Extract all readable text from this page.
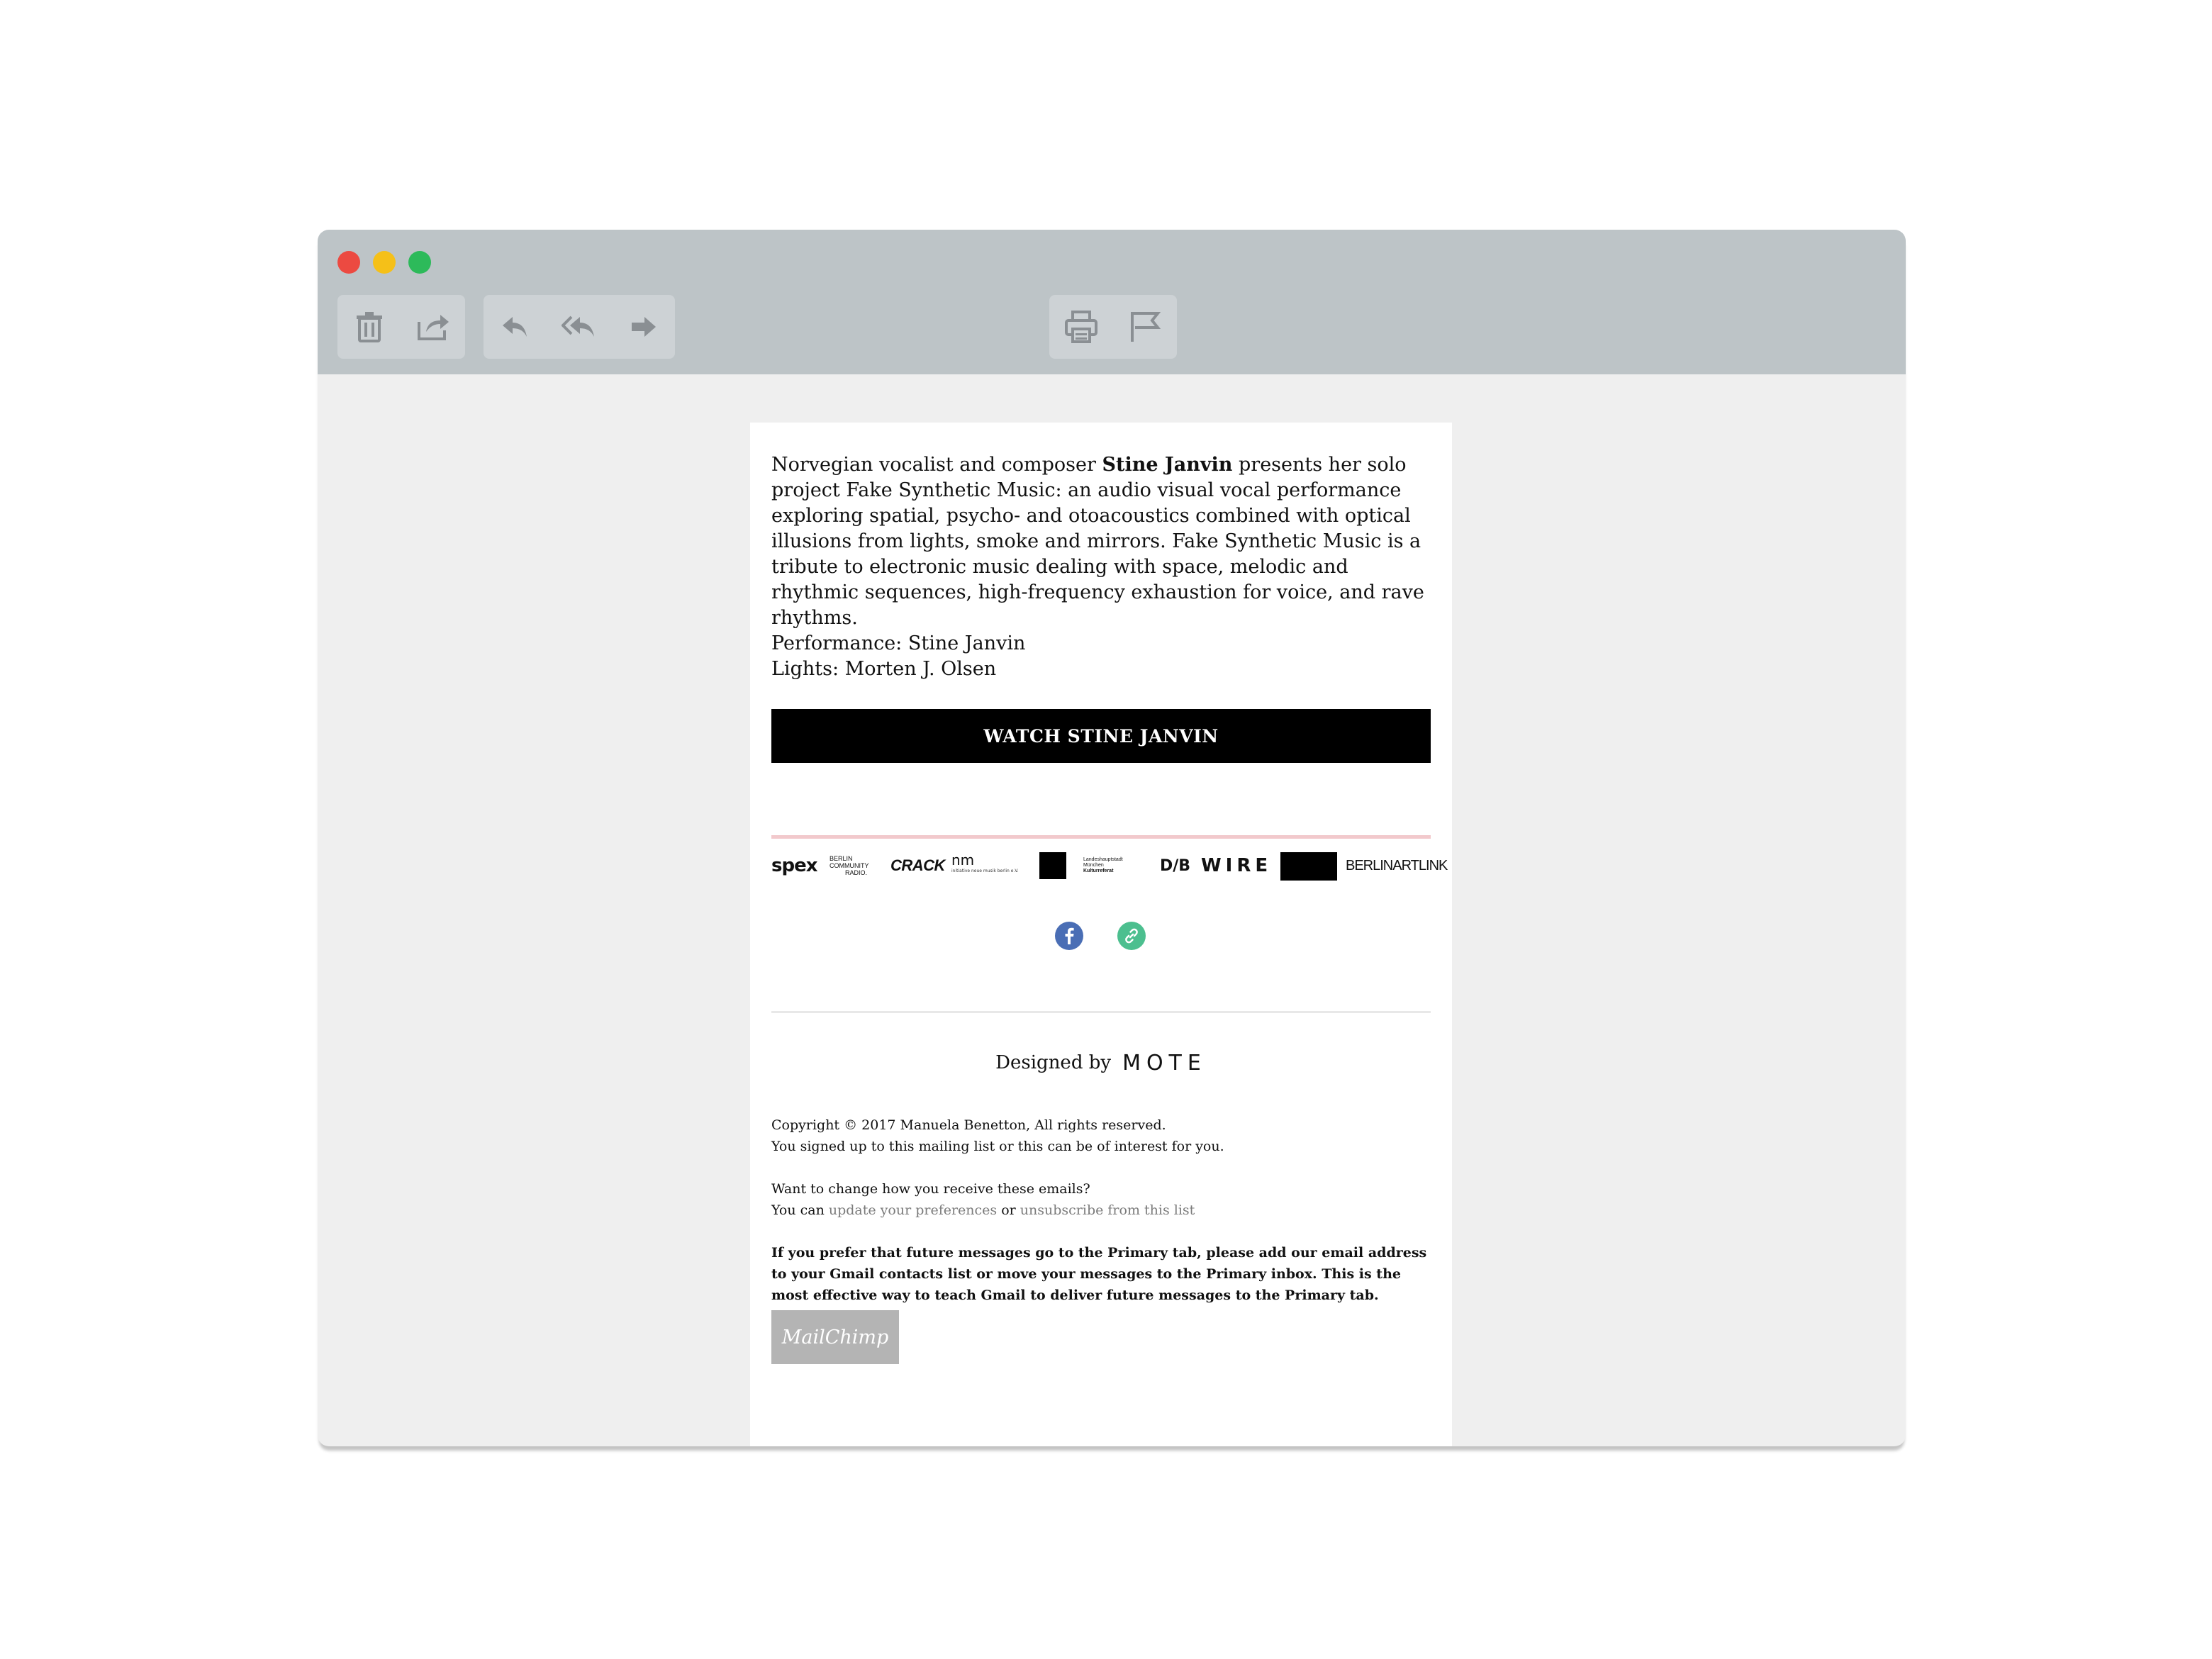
Norvegian vocalist and composer Stine Janvin presents her solo project Fake Synthetic Music: an audio visual vocal performance exploring spatial, psycho- and otoacoustics combined with optical illusions from lights, smoke and mirrors. Fake Synthetic Music is a tribute to electronic music dealing with space, melodic and rhythmic sequences, high-frequency exhaustion for voice, and rave rhythms.

Performance: Stine Janvin
Lights: Morten J. Olsen
WATCH STINE JANVIN
spex BERLIN
COMMUNITY
RADIO. CRACK nm
initiative neue musik berlin e.V.
Landeshauptstadt
München
Kulturreferat	D/B WIRE	BERLINARTLINK
Designed by MOTE
Copyright © 2017 Manuela Benetton, All rights reserved.
You signed up to this mailing list or this can be of interest for you.
Want to change how you receive these emails?
You can update your preferences or unsubscribe from this list
If you prefer that future messages go to the Primary tab, please add our email address to your Gmail contacts list or move your messages to the Primary inbox. This is the most effective way to teach Gmail to deliver future messages to the Primary tab.
MailChimp
